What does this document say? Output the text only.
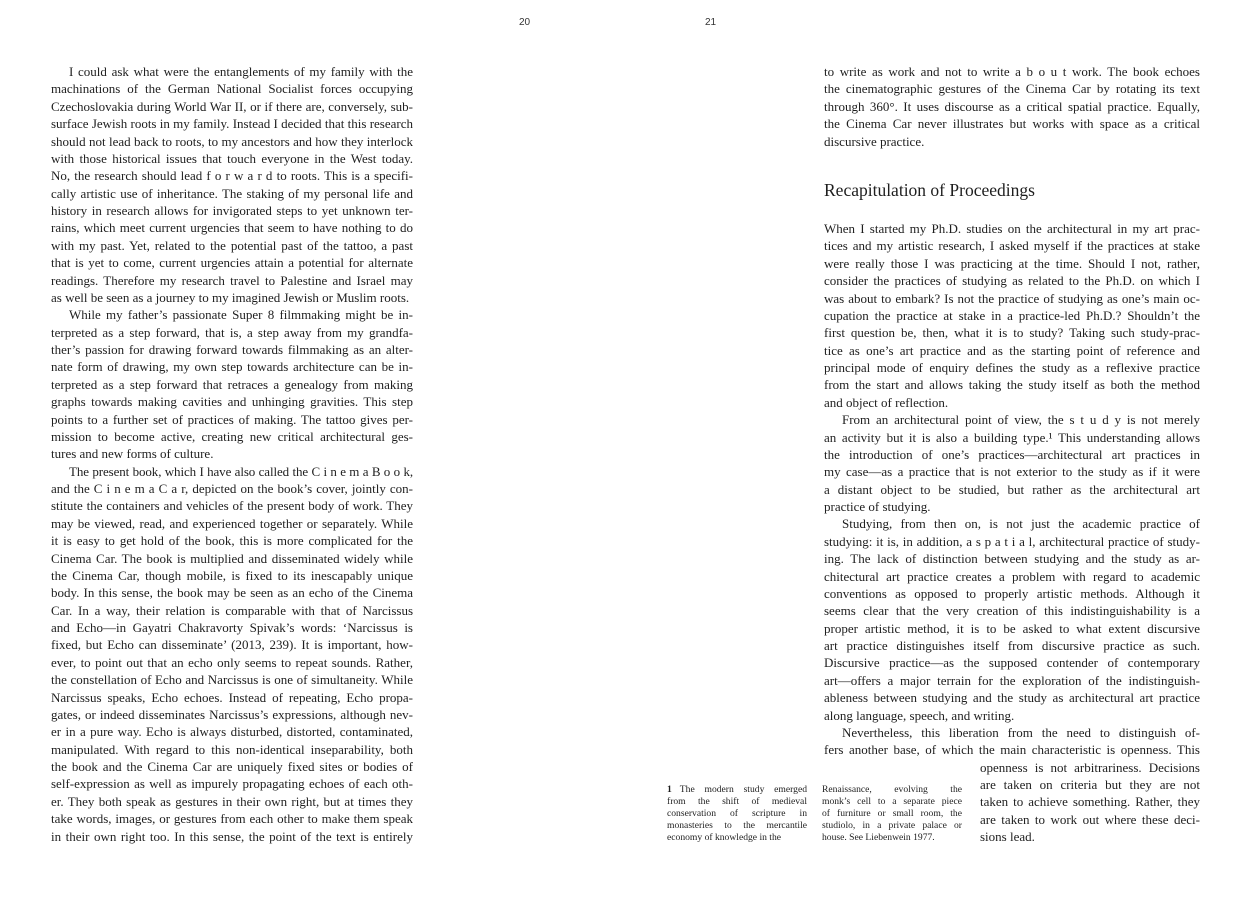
20	21
I could ask what were the entanglements of my family with the
machinations of the German National Socialist forces occupying
Czechoslovakia during World War II, or if there are, conversely, sub-
surface Jewish roots in my family. Instead I decided that this research
should not lead back to roots, to my ancestors and how they interlock
with those historical issues that touch everyone in the West today.
No, the research should lead f o r w a r d to roots. This is a specifi-
cally artistic use of inheritance. The staking of my personal life and
history in research allows for invigorated steps to yet unknown ter-
rains, which meet current urgencies that seem to have nothing to do
with my past. Yet, related to the potential past of the tattoo, a past
that is yet to come, current urgencies attain a potential for alternate
readings. Therefore my research travel to Palestine and Israel may
as well be seen as a journey to my imagined Jewish or Muslim roots.
While my father’s passionate Super 8 filmmaking might be in-
terpreted as a step forward, that is, a step away from my grandfa-
ther’s passion for drawing forward towards filmmaking as an alter-
nate form of drawing, my own step towards architecture can be in-
terpreted as a step forward that retraces a genealogy from making
graphs towards making cavities and unhinging gravities. This step
points to a further set of practices of making. The tattoo gives per-
mission to become active, creating new critical architectural ges-
tures and new forms of culture.
The present book, which I have also called the C i n e m a B o o k,
and the C i n e m a C a r, depicted on the book’s cover, jointly con-
stitute the containers and vehicles of the present body of work. They
may be viewed, read, and experienced together or separately. While
it is easy to get hold of the book, this is more complicated for the
Cinema Car. The book is multiplied and disseminated widely while
the Cinema Car, though mobile, is fixed to its inescapably unique
body. In this sense, the book may be seen as an echo of the Cinema
Car. In a way, their relation is comparable with that of Narcissus
and Echo—in Gayatri Chakravorty Spivak’s words: ‘Narcissus is
fixed, but Echo can disseminate’ (2013, 239). It is important, how-
ever, to point out that an echo only seems to repeat sounds. Rather,
the constellation of Echo and Narcissus is one of simultaneity. While
Narcissus speaks, Echo echoes. Instead of repeating, Echo propa-
gates, or indeed disseminates Narcissus’s expressions, although nev-
er in a pure way. Echo is always disturbed, distorted, contaminated,
manipulated. With regard to this non-identical inseparability, both
the book and the Cinema Car are uniquely fixed sites or bodies of
self-expression as well as impurely propagating echoes of each oth-
er. They both speak as gestures in their own right, but at times they
take words, images, or gestures from each other to make them speak
in their own right too. In this sense, the point of the text is entirely
to write as work and not to write a b o u t work. The book echoes
the cinematographic gestures of the Cinema Car by rotating its text
through 360°. It uses discourse as a critical spatial practice. Equally,
the Cinema Car never illustrates but works with space as a critical
discursive practice.
Recapitulation of Proceedings
When I started my Ph.D. studies on the architectural in my art prac-
tices and my artistic research, I asked myself if the practices at stake
were really those I was practicing at the time. Should I not, rather,
consider the practices of studying as related to the Ph.D. on which I
was about to embark? Is not the practice of studying as one’s main oc-
cupation the practice at stake in a practice-led Ph.D.? Shouldn’t the
first question be, then, what it is to study? Taking such study-prac-
tice as one’s art practice and as the starting point of reference and
principal mode of enquiry defines the study as a reflexive practice
from the start and allows taking the study itself as both the method
and object of reflection.
From an architectural point of view, the s t u d y is not merely
an activity but it is also a building type.¹ This understanding allows
the introduction of one’s practices—architectural art practices in
my case—as a practice that is not exterior to the study as if it were
a distant object to be studied, but rather as the architectural art
practice of studying.
Studying, from then on, is not just the academic practice of
studying: it is, in addition, a s p a t i a l, architectural practice of study-
ing. The lack of distinction between studying and the study as ar-
chitectural art practice creates a problem with regard to academic
conventions as opposed to properly artistic methods. Although it
seems clear that the very creation of this indistinguishability is a
proper artistic method, it is to be asked to what extent discursive
art practice distinguishes itself from discursive practice as such.
Discursive practice—as the supposed contender of contemporary
art—offers a major terrain for the exploration of the indistinguish-
ableness between studying and the study as architectural art practice
along language, speech, and writing.
Nevertheless, this liberation from the need to distinguish of-
fers another base, of which the main characteristic is openness. This
openness is not arbitrariness. Decisions
are taken on criteria but they are not
taken to achieve something. Rather, they
are taken to work out where these deci-
sions lead.
1 The modern study emerged
from the shift of medieval
conservation of scripture in
monasteries to the mercantile
economy of knowledge in the
Renaissance, evolving the
monk’s cell to a separate piece
of furniture or small room, the
studiolo, in a private palace or
house. See Liebenwein 1977.
